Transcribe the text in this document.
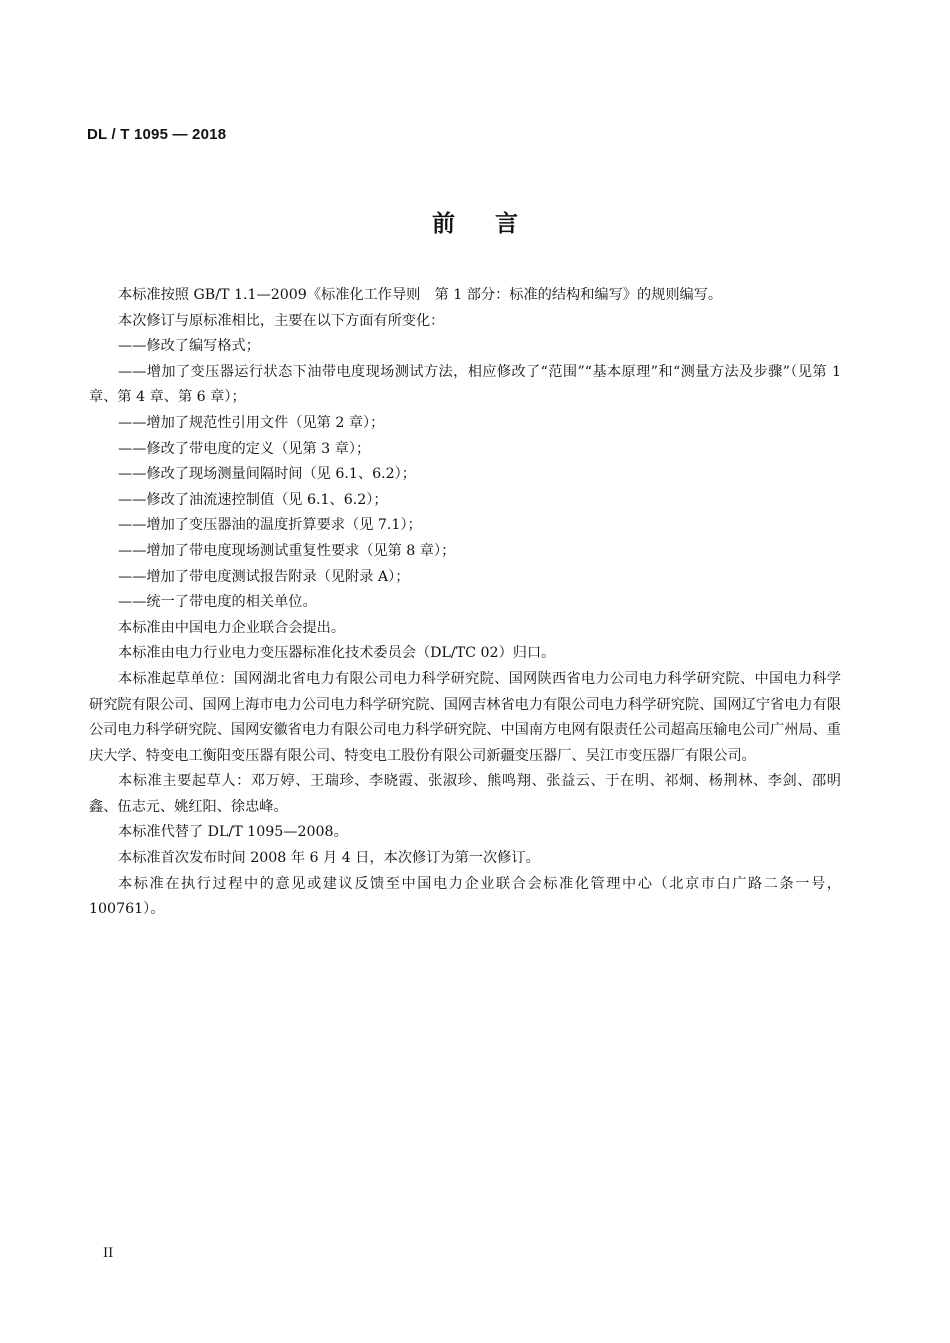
DL / T 1095 — 2018
前言

本标准按照 GB/T 1.1—2009《标准化工作导则　第 1 部分：标准的结构和编写》的规则编写。

本次修订与原标准相比，主要在以下方面有所变化：

——修改了编写格式；

——增加了变压器运行状态下油带电度现场测试方法，相应修改了“范围”“基本原理”和“测量方法及步骤”（见第 1 章、第 4 章、第 6 章）；

——增加了规范性引用文件（见第 2 章）；

——修改了带电度的定义（见第 3 章）；

——修改了现场测量间隔时间（见 6.1、6.2）；

——修改了油流速控制值（见 6.1、6.2）；

——增加了变压器油的温度折算要求（见 7.1）；

——增加了带电度现场测试重复性要求（见第 8 章）；

——增加了带电度测试报告附录（见附录 A）；

——统一了带电度的相关单位。

本标准由中国电力企业联合会提出。

本标准由电力行业电力变压器标准化技术委员会（DL/TC 02）归口。

本标准起草单位：国网湖北省电力有限公司电力科学研究院、国网陕西省电力公司电力科学研究院、中国电力科学研究院有限公司、国网上海市电力公司电力科学研究院、国网吉林省电力有限公司电力科学研究院、国网辽宁省电力有限公司电力科学研究院、国网安徽省电力有限公司电力科学研究院、中国南方电网有限责任公司超高压输电公司广州局、重庆大学、特变电工衡阳变压器有限公司、特变电工股份有限公司新疆变压器厂、吴江市变压器厂有限公司。

本标准主要起草人：邓万婷、王瑞珍、李晓霞、张淑珍、熊鸣翔、张益云、于在明、祁炯、杨荆林、李剑、邵明鑫、伍志元、姚红阳、徐忠峰。

本标准代替了 DL/T 1095—2008。

本标准首次发布时间 2008 年 6 月 4 日，本次修订为第一次修订。

本标准在执行过程中的意见或建议反馈至中国电力企业联合会标准化管理中心（北京市白广路二条一号，100761）。

II
